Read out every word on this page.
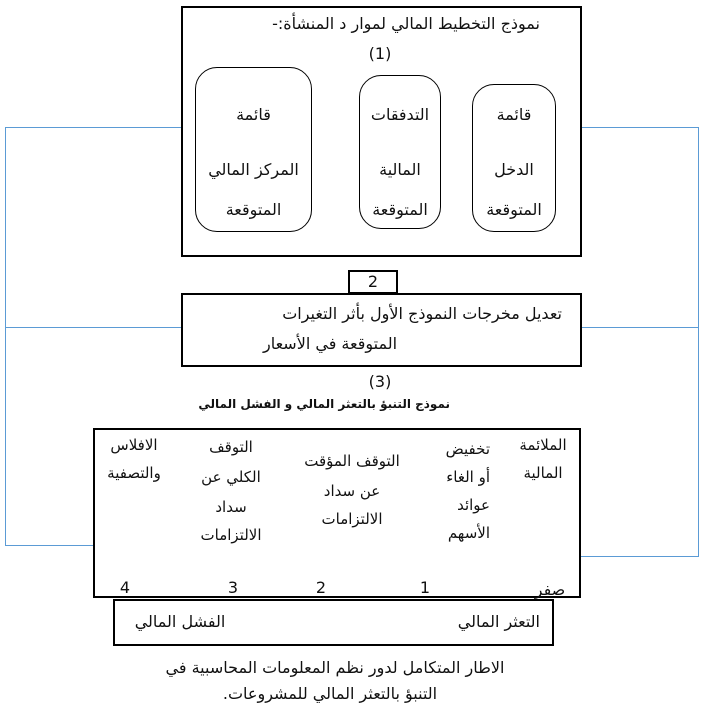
نموذج التخطيط المالي لموار د المنشأة:-
(1)
قائمة
الدخل
المتوقعة
التدفقات
المالية
المتوقعة
قائمة
المركز المالي
المتوقعة
2
تعديل مخرجات النموذج الأول بأثر التغيرات
المتوقعة في الأسعار
(3)
نموذج التنبؤ بالتعثر المالي و الفشل المالي
الملائمة
المالية
تخفيض
أو الغاء
عوائد
الأسهم
التوقف المؤقت
عن سداد
الالتزامات
التوقف
الكلي عن
سداد
الالتزامات
الافلاس
والتصفية
صفر
1
2
3
4
التعثر المالي
الفشل المالي
الاطار المتكامل لدور نظم المعلومات المحاسبية في
التنبؤ بالتعثر المالي للمشروعات.
